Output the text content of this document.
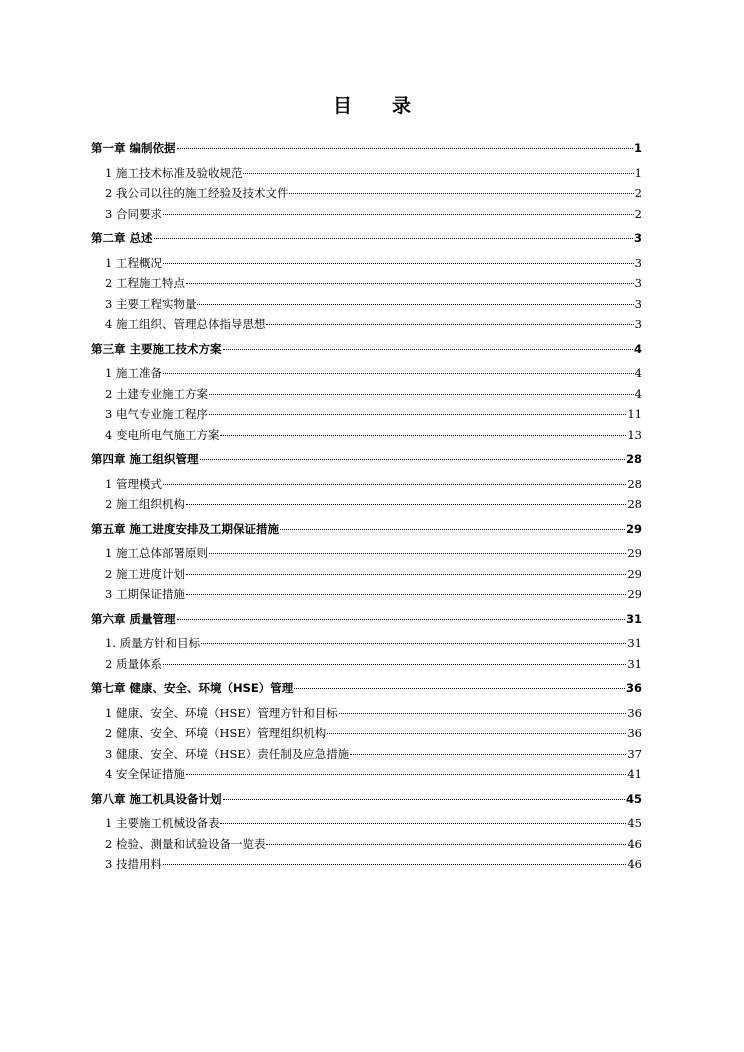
目 录
第一章 编制依据	1
1 施工技术标准及验收规范	1
2 我公司以往的施工经验及技术文件	2
3 合同要求	2
第二章 总述	3
1 工程概况	3
2 工程施工特点	3
3 主要工程实物量	3
4 施工组织、管理总体指导思想	3
第三章 主要施工技术方案	4
1 施工准备	4
2 土建专业施工方案	4
3 电气专业施工程序	11
4 变电所电气施工方案	13
第四章 施工组织管理	28
1 管理模式	28
2 施工组织机构	28
第五章 施工进度安排及工期保证措施	29
1 施工总体部署原则	29
2 施工进度计划	29
3 工期保证措施	29
第六章 质量管理	31
1. 质量方针和目标	31
2 质量体系	31
第七章 健康、安全、环境（HSE）管理	36
1 健康、安全、环境（HSE）管理方针和目标	36
2 健康、安全、环境（HSE）管理组织机构	36
3 健康、安全、环境（HSE）责任制及应急措施	37
4 安全保证措施	41
第八章 施工机具设备计划	45
1 主要施工机械设备表	45
2 检验、测量和试验设备一览表	46
3 技措用料	46
